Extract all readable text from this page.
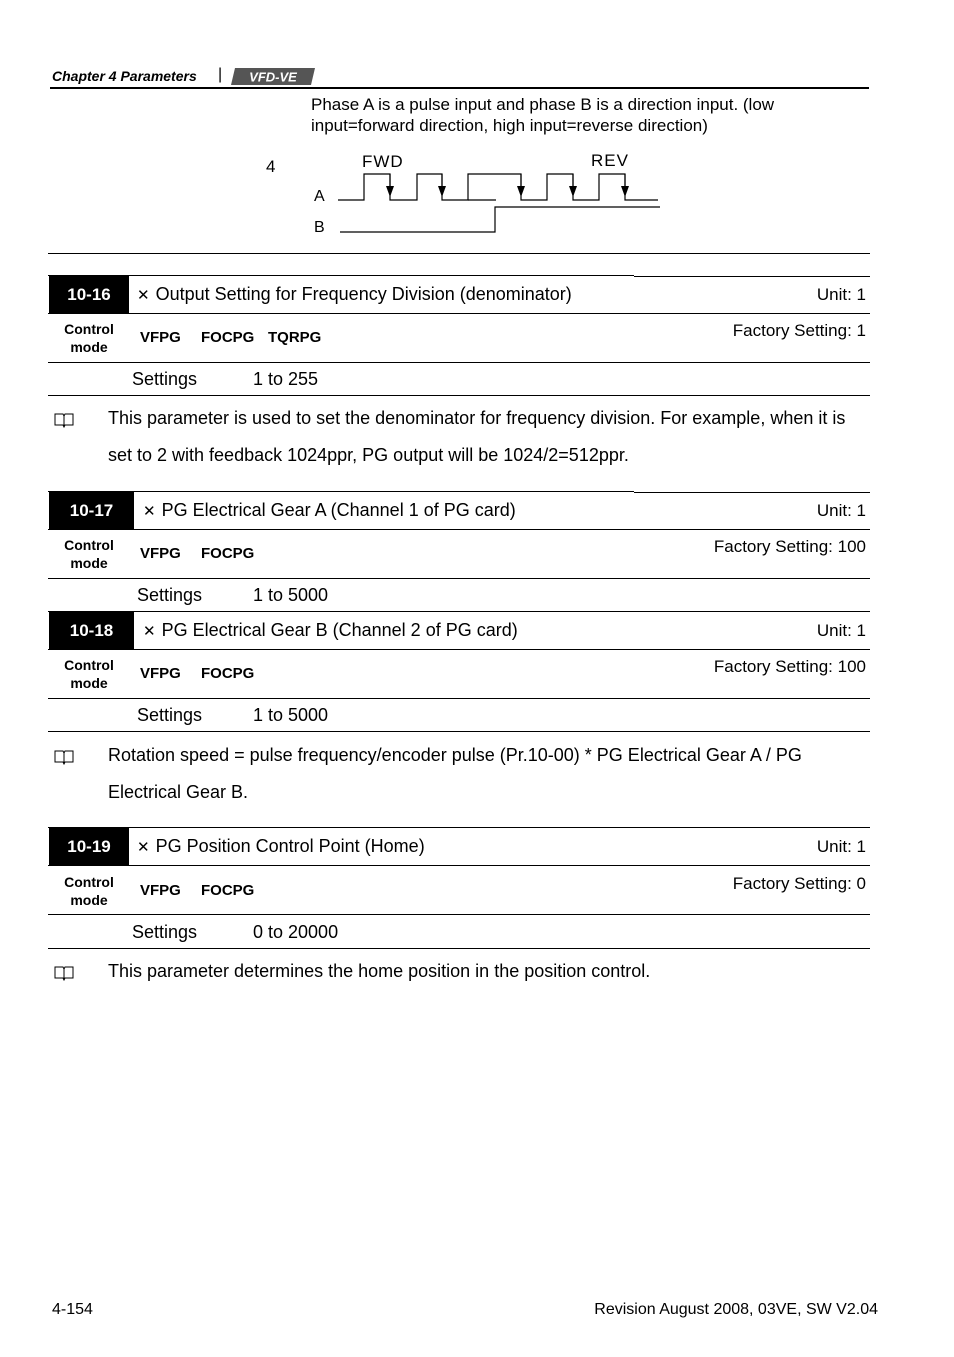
Chapter 4 Parameters | VFD-VE
Phase A is a pulse input and phase B is a direction input. (low
input=forward direction, high input=reverse direction)
4	FWD	REV
A
B
10-16	✕ Output Setting for Frequency Division (denominator)	Unit: 1
Control mode
VFPG FOCPG TQRPG	Factory Setting: 1
Settings	1 to 255
This parameter is used to set the denominator for frequency division. For example, when it is set to 2 with feedback 1024ppr, PG output will be 1024/2=512ppr.
10-17	✕ PG Electrical Gear A (Channel 1 of PG card)	Unit: 1
Control mode
VFPG FOCPG	Factory Setting: 100
Settings	1 to 5000
10-18	✕ PG Electrical Gear B (Channel 2 of PG card)	Unit: 1
Control mode
VFPG FOCPG	Factory Setting: 100
Settings	1 to 5000
Rotation speed = pulse frequency/encoder pulse (Pr.10-00) * PG Electrical Gear A / PG Electrical Gear B.
10-19	✕ PG Position Control Point (Home)	Unit: 1
Control mode
VFPG FOCPG	Factory Setting: 0
Settings	0 to 20000
This parameter determines the home position in the position control.
4-154	Revision August 2008, 03VE, SW V2.04
